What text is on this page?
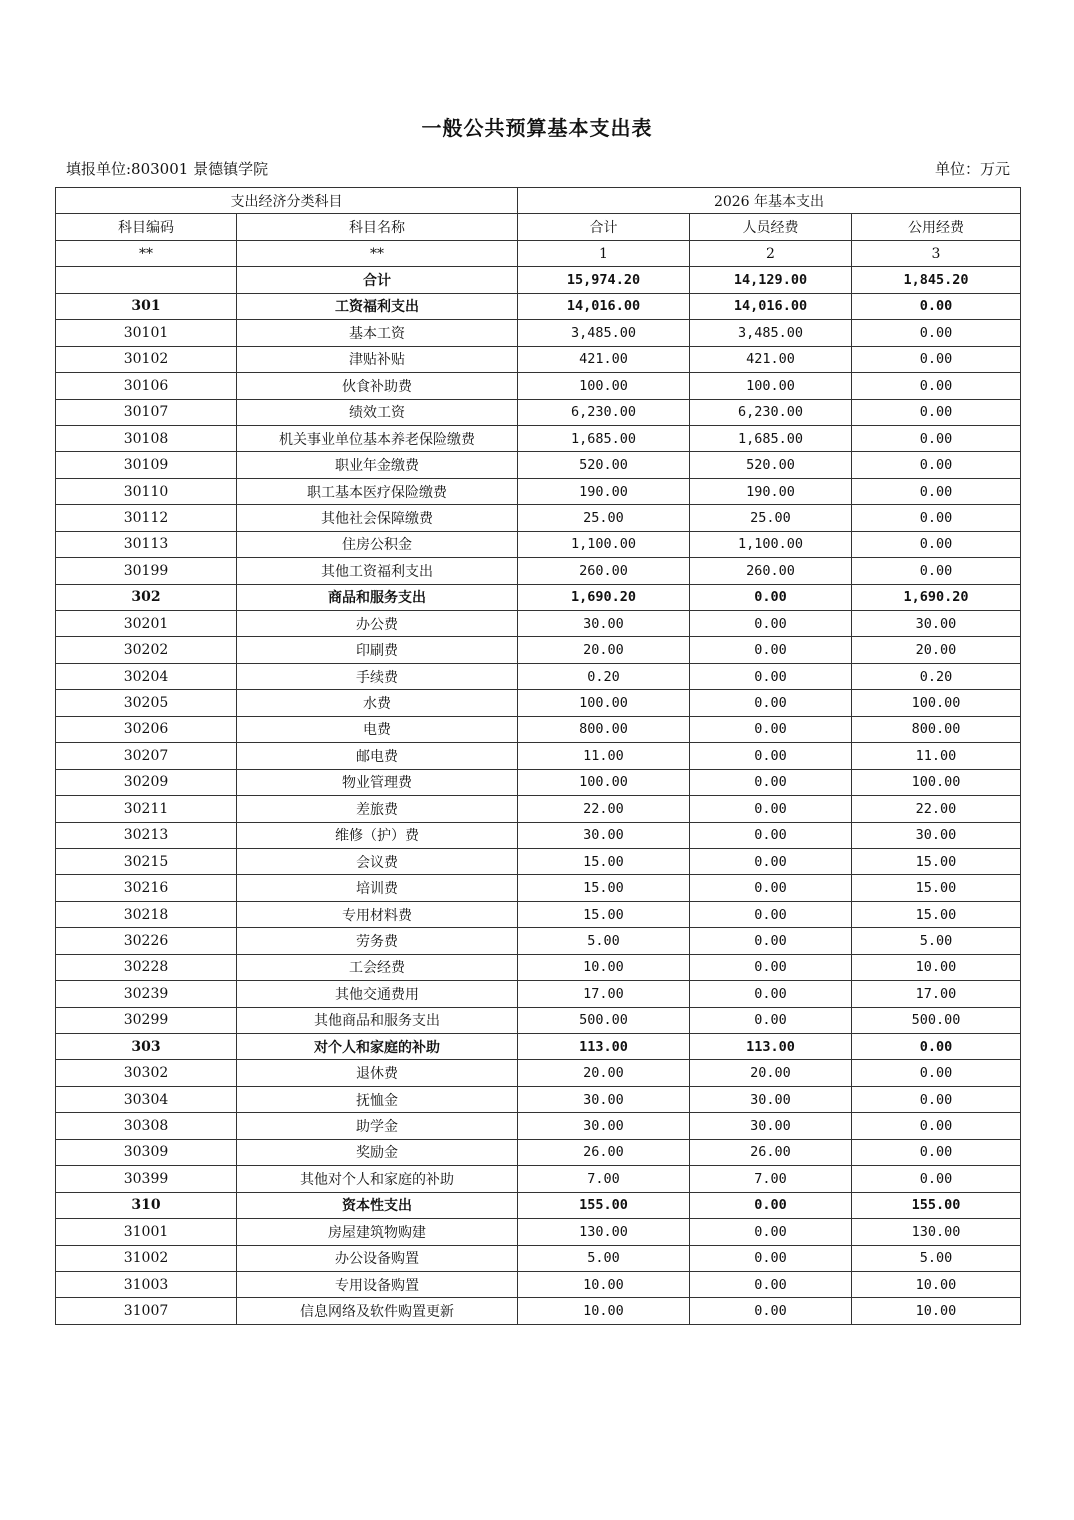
一般公共预算基本支出表
填报单位:803001 景德镇学院	单位：万元
支出经济分类科目		2026 年基本支出		
科目编码	科目名称	合计	人员经费	公用经费
**	**	1	2	3
	合计	15,974.20	14,129.00	1,845.20
301	工资福利支出	14,016.00	14,016.00	0.00
30101	基本工资	3,485.00	3,485.00	0.00
30102	津贴补贴	421.00	421.00	0.00
30106	伙食补助费	100.00	100.00	0.00
30107	绩效工资	6,230.00	6,230.00	0.00
30108	机关事业单位基本养老保险缴费	1,685.00	1,685.00	0.00
30109	职业年金缴费	520.00	520.00	0.00
30110	职工基本医疗保险缴费	190.00	190.00	0.00
30112	其他社会保障缴费	25.00	25.00	0.00
30113	住房公积金	1,100.00	1,100.00	0.00
30199	其他工资福利支出	260.00	260.00	0.00
302	商品和服务支出	1,690.20	0.00	1,690.20
30201	办公费	30.00	0.00	30.00
30202	印刷费	20.00	0.00	20.00
30204	手续费	0.20	0.00	0.20
30205	水费	100.00	0.00	100.00
30206	电费	800.00	0.00	800.00
30207	邮电费	11.00	0.00	11.00
30209	物业管理费	100.00	0.00	100.00
30211	差旅费	22.00	0.00	22.00
30213	维修（护）费	30.00	0.00	30.00
30215	会议费	15.00	0.00	15.00
30216	培训费	15.00	0.00	15.00
30218	专用材料费	15.00	0.00	15.00
30226	劳务费	5.00	0.00	5.00
30228	工会经费	10.00	0.00	10.00
30239	其他交通费用	17.00	0.00	17.00
30299	其他商品和服务支出	500.00	0.00	500.00
303	对个人和家庭的补助	113.00	113.00	0.00
30302	退休费	20.00	20.00	0.00
30304	抚恤金	30.00	30.00	0.00
30308	助学金	30.00	30.00	0.00
30309	奖励金	26.00	26.00	0.00
30399	其他对个人和家庭的补助	7.00	7.00	0.00
310	资本性支出	155.00	0.00	155.00
31001	房屋建筑物购建	130.00	0.00	130.00
31002	办公设备购置	5.00	0.00	5.00
31003	专用设备购置	10.00	0.00	10.00
31007	信息网络及软件购置更新	10.00	0.00	10.00
